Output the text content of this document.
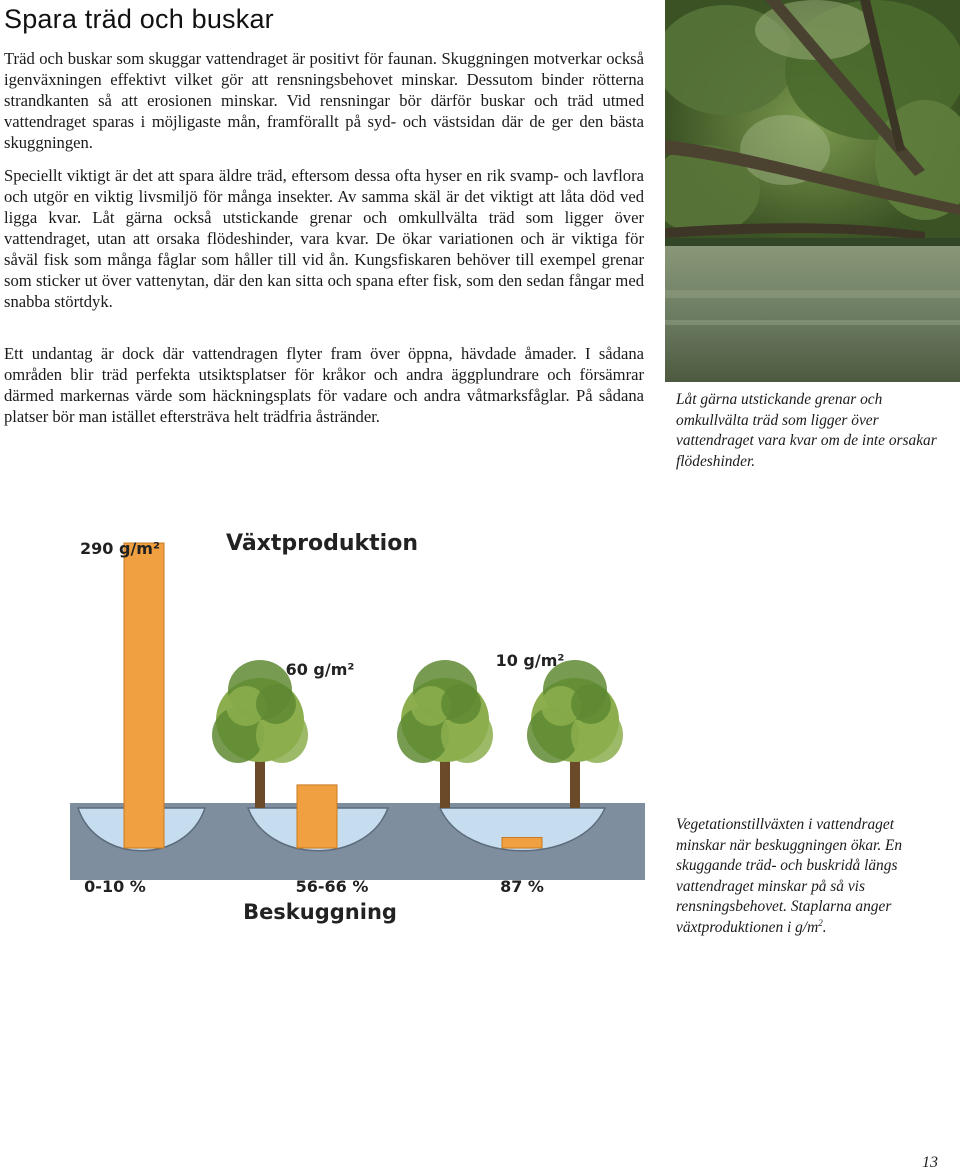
Spara träd och buskar

Träd och buskar som skuggar vattendraget är positivt för faunan. Skuggningen motverkar också igenväxningen effektivt vilket gör att rensningsbehovet minskar. Dessutom binder rötterna strandkanten så att erosionen minskar. Vid rensningar bör därför buskar och träd utmed vattendraget sparas i möjligaste mån, framförallt på syd- och västsidan där de ger den bästa skuggningen.

Speciellt viktigt är det att spara äldre träd, eftersom dessa ofta hyser en rik svamp- och lavflora och utgör en viktig livsmiljö för många insekter. Av samma skäl är det viktigt att låta död ved ligga kvar. Låt gärna också utstickande grenar och omkullvälta träd som ligger över vattendraget, utan att orsaka flödeshinder, vara kvar. De ökar variationen och är viktiga för såväl fisk som många fåglar som håller till vid ån. Kungsfiskaren behöver till exempel grenar som sticker ut över vattenytan, där den kan sitta och spana efter fisk, som den sedan fångar med snabba störtdyk.

Ett undantag är dock där vattendragen flyter fram över öppna, hävdade åmader. I sådana områden blir träd perfekta utsiktsplatser för kråkor och andra äggplundrare och försämrar därmed markernas värde som häckningsplats för vadare och andra våtmarksfåglar. På sådana platser bör man istället eftersträva helt trädfria åstränder.

Låt gärna utstickande grenar och omkullvälta träd som ligger över vattendraget vara kvar om de inte orsakar flödeshinder.
290 g/m²
60 g/m²	10 g/m²
Växtproduktion
0-10 %	56-66 %	87 %
Beskuggning
Vegetationstillväxten i vattendraget minskar när beskuggningen ökar. En skuggande träd- och buskridå längs vattendraget minskar på så vis rensningsbehovet. Staplarna anger växtproduktionen i $g/m^2$.
13
